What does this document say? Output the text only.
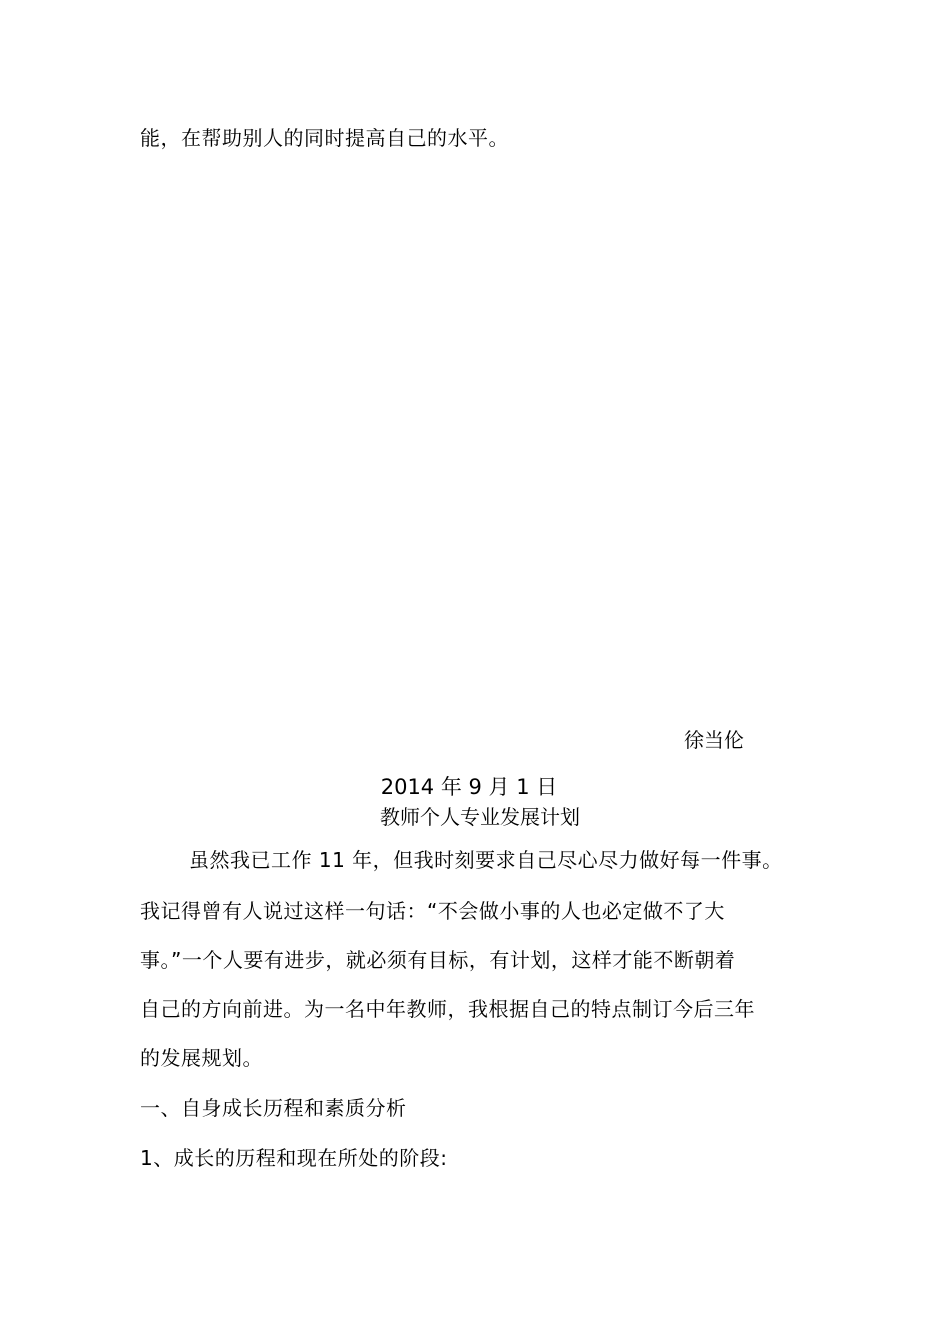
能，在帮助别人的同时提高自己的水平。
徐当伦
2014 年 9 月 1 日
教师个人专业发展计划
虽然我已工作 11 年，但我时刻要求自己尽心尽力做好每一件事。
我记得曾有人说过这样一句话：“不会做小事的人也必定做不了大
事。”一个人要有进步，就必须有目标，有计划，这样才能不断朝着
自己的方向前进。为一名中年教师，我根据自己的特点制订今后三年
的发展规划。
一、自身成长历程和素质分析
1、成长的历程和现在所处的阶段:
